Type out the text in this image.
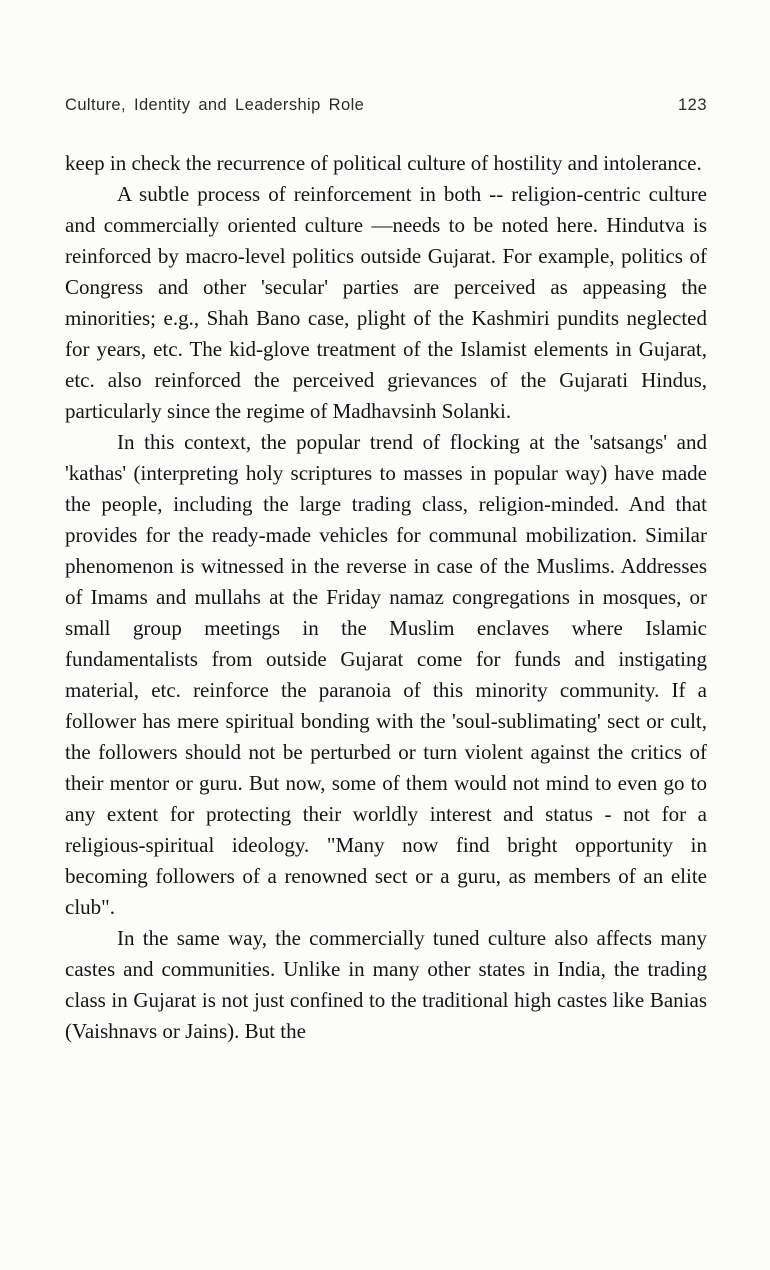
Culture, Identity and Leadership Role	123

keep in check the recurrence of political culture of hostility and intolerance.

A subtle process of reinforcement in both -- religion-centric culture and commercially oriented culture —needs to be noted here. Hindutva is reinforced by macro-level politics outside Gujarat. For example, politics of Congress and other 'secular' parties are perceived as appeasing the minorities; e.g., Shah Bano case, plight of the Kashmiri pundits neglected for years, etc. The kid-glove treatment of the Islamist elements in Gujarat, etc. also reinforced the perceived grievances of the Gujarati Hindus, particularly since the regime of Madhavsinh Solanki.

In this context, the popular trend of flocking at the 'satsangs' and 'kathas' (interpreting holy scriptures to masses in popular way) have made the people, including the large trading class, religion-minded. And that provides for the ready-made vehicles for communal mobilization. Similar phenomenon is witnessed in the reverse in case of the Muslims. Addresses of Imams and mullahs at the Friday namaz congregations in mosques, or small group meetings in the Muslim enclaves where Islamic fundamentalists from outside Gujarat come for funds and instigating material, etc. reinforce the paranoia of this minority community. If a follower has mere spiritual bonding with the 'soul-sublimating' sect or cult, the followers should not be perturbed or turn violent against the critics of their mentor or guru. But now, some of them would not mind to even go to any extent for protecting their worldly interest and status - not for a religious-spiritual ideology. "Many now find bright opportunity in becoming followers of a renowned sect or a guru, as members of an elite club".

In the same way, the commercially tuned culture also affects many castes and communities. Unlike in many other states in India, the trading class in Gujarat is not just confined to the traditional high castes like Banias (Vaishnavs or Jains). But the
